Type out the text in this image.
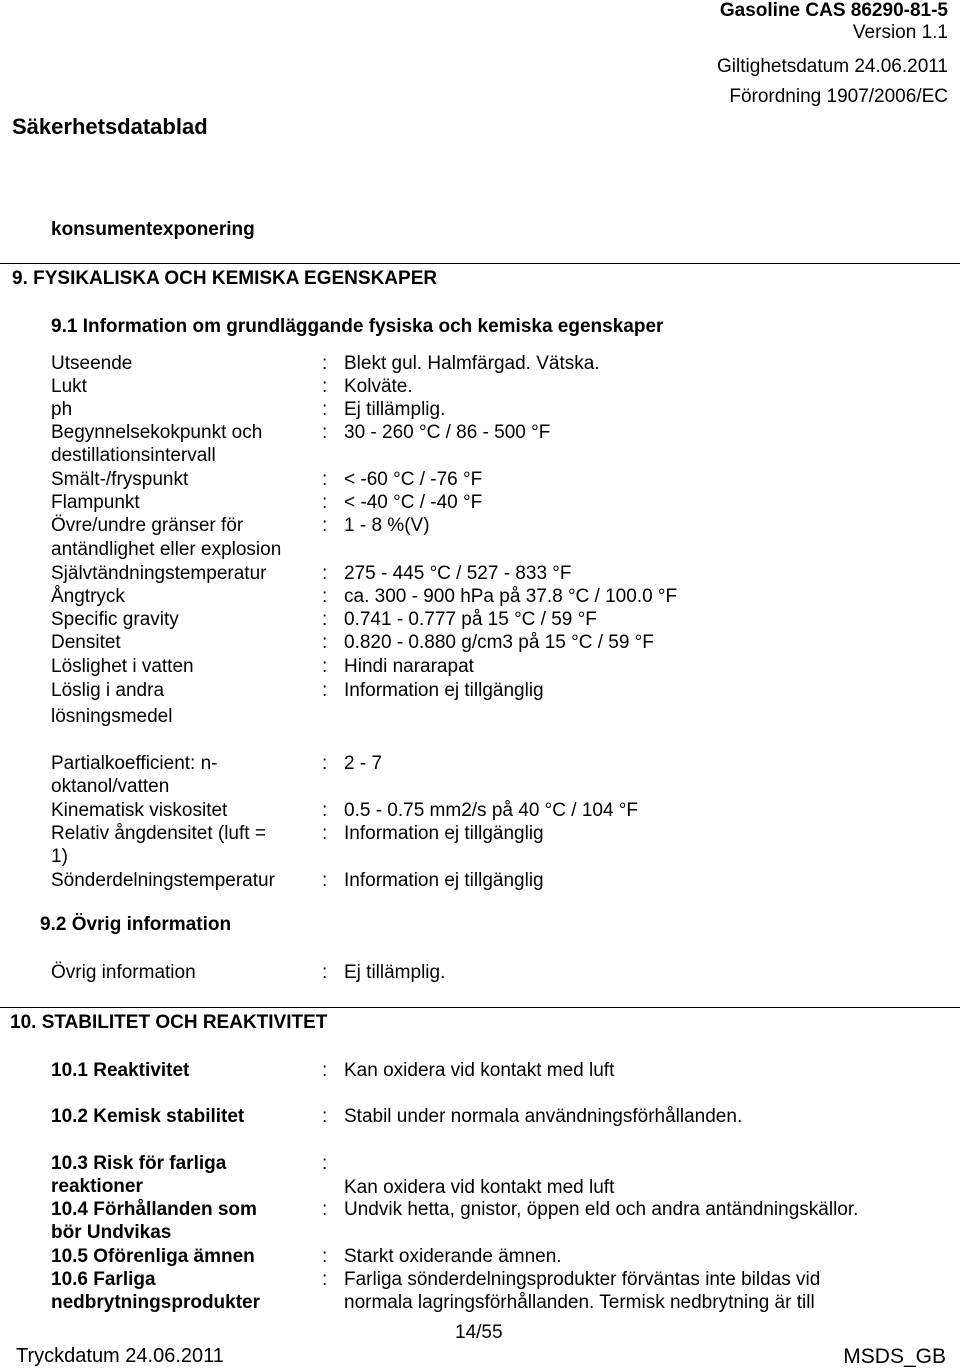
Gasoline CAS 86290-81-5
Version 1.1
Giltighetsdatum 24.06.2011
Förordning 1907/2006/EC
Säkerhetsdatablad
konsumentexponering
9. FYSIKALISKA OCH KEMISKA EGENSKAPER
9.1 Information om grundläggande fysiska och kemiska egenskaper
Utseende	: Blekt gul. Halmfärgad. Vätska.
Lukt	: Kolväte.
ph	: Ej tillämplig.
Begynnelsekokpunkt och
destillationsintervall
: 30 - 260 °C / 86 - 500 °F
Smält-/fryspunkt	: < -60 °C / -76 °F
Flampunkt	: < -40 °C / -40 °F
Övre/undre gränser för
antändlighet eller explosion
: 1 - 8 %(V)
Självtändningstemperatur	: 275 - 445 °C / 527 - 833 °F
Ångtryck	: ca. 300 - 900 hPa på 37.8 °C / 100.0 °F
Specific gravity	: 0.741 - 0.777 på 15 °C / 59 °F
Densitet	: 0.820 - 0.880 g/cm3 på 15 °C / 59 °F
Löslighet i vatten	: Hindi nararapat
Löslig i andra
lösningsmedel
: Information ej tillgänglig
Partialkoefficient: n-
oktanol/vatten
: 2 - 7
Kinematisk viskositet	: 0.5 - 0.75 mm2/s på 40 °C / 104 °F
Relativ ångdensitet (luft =
1)
: Information ej tillgänglig
Sönderdelningstemperatur : Information ej tillgänglig
9.2 Övrig information
Övrig information	: Ej tillämplig.
10. STABILITET OCH REAKTIVITET
10.1 Reaktivitet	: Kan oxidera vid kontakt med luft
10.2 Kemisk stabilitet	: Stabil under normala användningsförhållanden.
10.3 Risk för farliga
reaktioner
:
Kan oxidera vid kontakt med luft
10.4 Förhållanden som
bör Undvikas
: Undvik hetta, gnistor, öppen eld och andra antändningskällor.
10.5 Oförenliga ämnen	: Starkt oxiderande ämnen.
10.6 Farliga
nedbrytningsprodukter
: Farliga sönderdelningsprodukter förväntas inte bildas vid
normala lagringsförhållanden. Termisk nedbrytning är till
14/55
Tryckdatum 24.06.2011	MSDS_GB
